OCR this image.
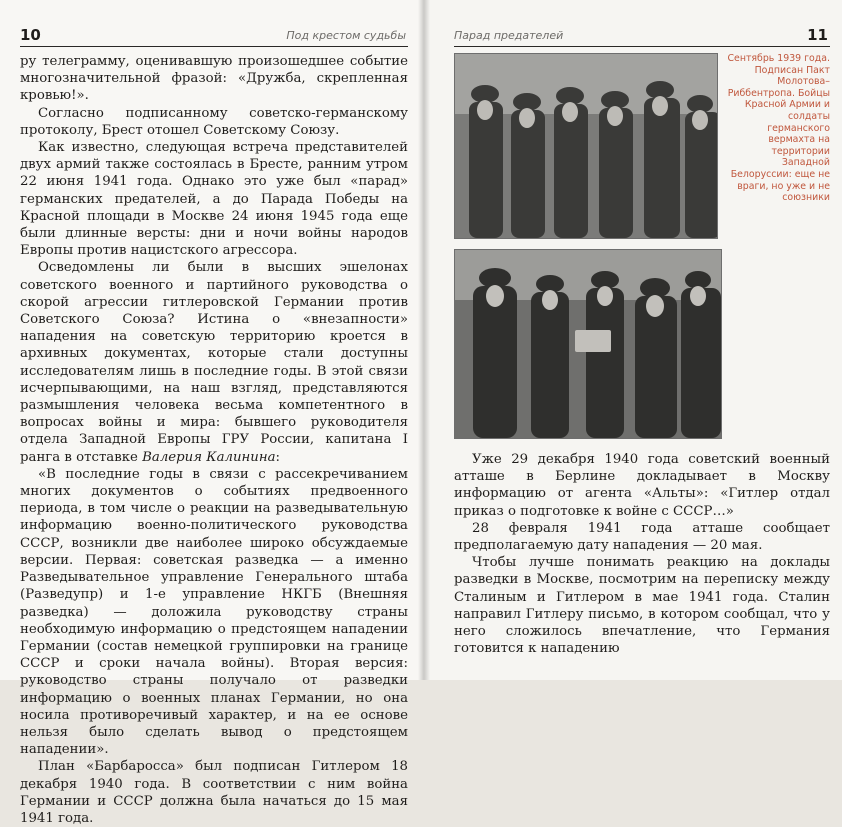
10	Под крестом судьбы

ру телеграмму, оценивавшую произошедшее событие многозначительной фразой: «Дружба, скрепленная кровью!».

Согласно подписанному советско-германскому протоколу, Брест отошел Советскому Союзу.

Как известно, следующая встреча представителей двух армий также состоялась в Бресте, ранним утром 22 июня 1941 года. Однако это уже был «парад» германских предателей, а до Парада Победы на Красной площади в Москве 24 июня 1945 года еще были длинные версты: дни и ночи войны народов Европы против нацистского агрессора.

Осведомлены ли были в высших эшелонах советского военного и партийного руководства о скорой агрессии гитлеровской Германии против Советского Союза? Истина о «внезапности» нападения на советскую территорию кроется в архивных документах, которые стали доступны исследователям лишь в последние годы. В этой связи исчерпывающими, на наш взгляд, представляются размышления человека весьма компетентного в вопросах войны и мира: бывшего руководителя отдела Западной Европы ГРУ России, капитана I ранга в отставке Валерия Калинина:

«В последние годы в связи с рассекречиванием многих документов о событиях предвоенного периода, в том числе о реакции на разведывательную информацию военно-политического руководства СССР, возникли две наиболее широко обсуждаемые версии. Первая: советская разведка — а именно Разведывательное управление Генерального штаба (Разведупр) и 1-е управление НКГБ (Внешняя разведка) — доложила руководству страны необходимую информацию о предстоящем нападении Германии (состав немецкой группировки на границе СССР и сроки начала войны). Вторая версия: руководство страны получало от разведки информацию о военных планах Германии, но она носила противоречивый характер, и на ее основе нельзя было сделать вывод о предстоящем нападении».

План «Барбаросса» был подписан Гитлером 18 декабря 1940 года. В соответствии с ним война Германии и СССР должна была начаться до 15 мая 1941 года.

Парад предателей	11
Сентябрь 1939 года. Подписан Пакт Молотова–Риббентропа. Бойцы Красной Армии и солдаты германского вермахта на территории Западной Белоруссии: еще не враги, но уже и не союзники

Уже 29 декабря 1940 года советский военный атташе в Берлине докладывает в Москву информацию от агента «Альты»: «Гитлер отдал приказ о подготовке к войне с СССР…»

28 февраля 1941 года атташе сообщает предполагаемую дату нападения — 20 мая.

Чтобы лучше понимать реакцию на доклады разведки в Москве, посмотрим на переписку между Сталиным и Гитлером в мае 1941 года. Сталин направил Гитлеру письмо, в котором сообщал, что у него сложилось впечатление, что Германия готовится к нападению
